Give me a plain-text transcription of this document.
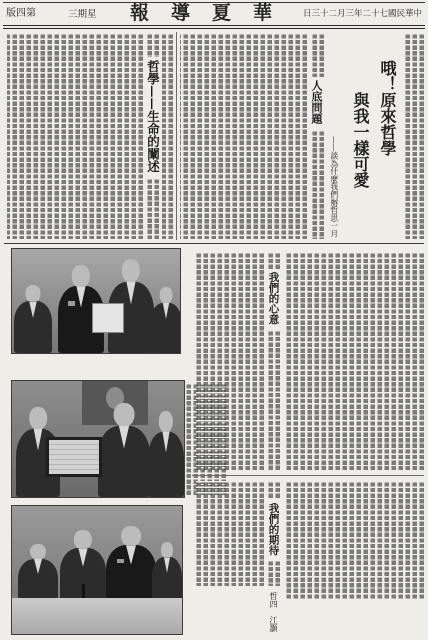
第四版	星期三 華夏導報 中華民國七十二年三月二十三日
哲學——生命的闡述	人底問題
——談為什麼我們辦哲思一月 與我一樣可愛 哦！原來哲學
我們的心意
我們的期待
哲四　江灝
